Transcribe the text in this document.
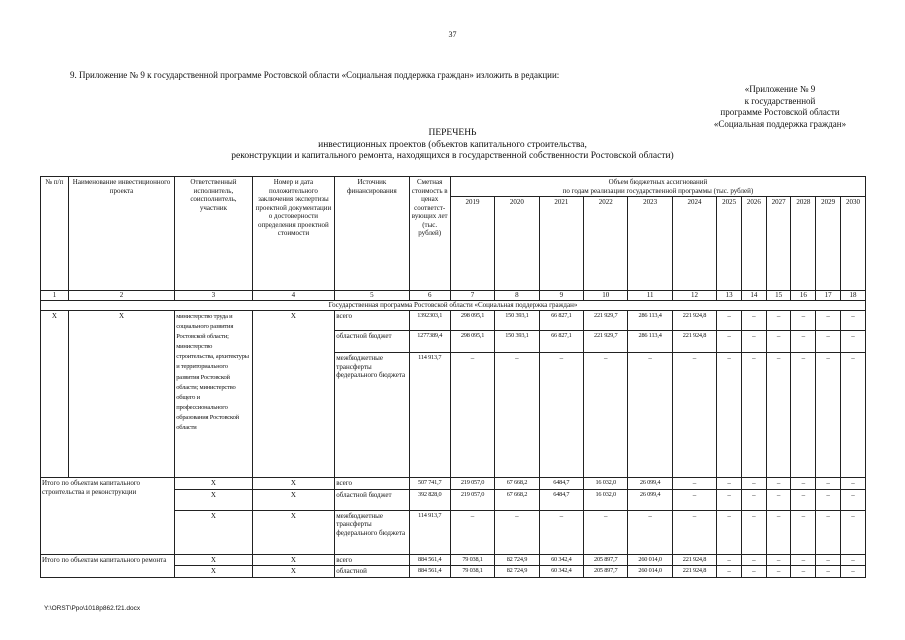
37
9. Приложение № 9 к государственной программе Ростовской области «Социальная поддержка граждан» изложить в редакции:
«Приложение № 9
к государственной
программе Ростовской области
«Социальная поддержка граждан»
ПЕРЕЧЕНЬ
инвестиционных проектов (объектов капитального строительства,
реконструкции и капитального ремонта, находящихся в государственной собственности Ростовской области)
№ п/п	Наименование инвестиционного проекта	Ответственный исполнитель, соисполнитель, участник	Номер и дата положительного заключения экспертизы проектной документации о достоверности определения проектной стоимости	Источник финансирования	Сметная стоимость в ценах соответст-вующих лет (тыс. рублей)	Объем бюджетных ассигнований
по годам реализации государственной программы (тыс. рублей)											

						2019	2020	2021	2022	2023	2024	2025	2026	2027	2028	2029	2030
1	2	3	4	5	6	7	8	9	10	11	12	13	14	15	16	17	18
Государственная программа Ростовской области «Социальная поддержка граждан»																	
Х	Х	министерство труда и социального развития Ростовской области; министерство строительства, архитектуры и территориального развития Ростовской области; министерство общего и профессионального образования Ростовской области	Х	всего	1392303,1	298 095,1	150 393,1	66 827,1	221 929,7	286 113,4	221 924,8	–	–	–	–	–	–
				областной бюджет	1277389,4	298 095,1	150 393,1	66 827,1	221 929,7	286 113,4	221 924,8	–	–	–	–	–	–
				межбюджетные трансферты федерального бюджета	114 913,7	–	–	–	–	–	–	–	–	–	–	–	–
Итого по объектам капитального строительства и реконструкции		Х	Х	всего	507 741,7	219 057,0	67 668,2	6484,7	16 032,0	26 099,4	–	–	–	–	–	–	–
		Х	Х	областной бюджет	392 828,0	219 057,0	67 668,2	6484,7	16 032,0	26 099,4	–	–	–	–	–	–	–
		Х	Х	межбюджетные трансферты федерального бюджета	114 913,7	–	–	–	–	–	–	–	–	–	–	–	–
Итого по объектам капитального ремонта		Х	Х	всего	884 561,4	79 038,1	82 724,9	60 342,4	205 897,7	260 014,0	221 924,8	–	–	–	–	–	–
		Х	Х	областной	884 561,4	79 038,1	82 724,9	60 342,4	205 897,7	260 014,0	221 924,8	–	–	–	–	–	–
Y:\ORST\Ppo\1018p862.f21.docx
